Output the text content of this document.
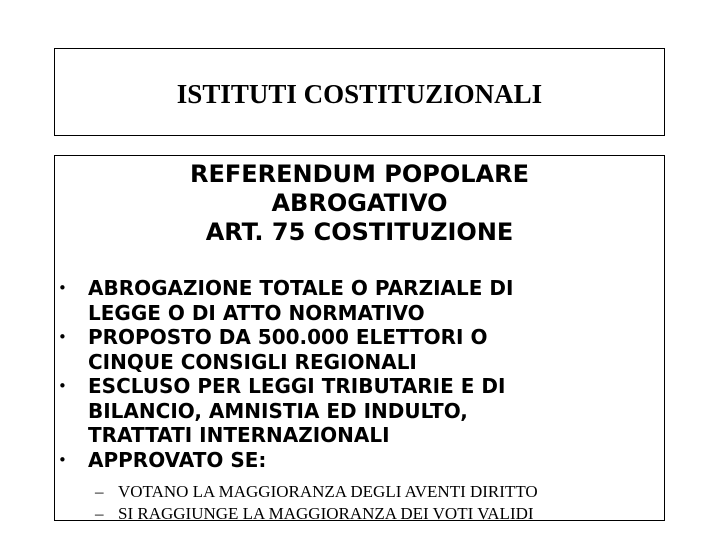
ISTITUTI COSTITUZIONALI
REFERENDUM POPOLARE
ABROGATIVO
ART. 75 COSTITUZIONE
• ABROGAZIONE TOTALE O PARZIALE DI
LEGGE O DI ATTO NORMATIVO
• PROPOSTO DA 500.000 ELETTORI O
CINQUE CONSIGLI REGIONALI
• ESCLUSO PER LEGGI TRIBUTARIE E DI
BILANCIO, AMNISTIA ED INDULTO,
TRATTATI INTERNAZIONALI
• APPROVATO SE:
– VOTANO LA MAGGIORANZA DEGLI AVENTI DIRITTO
– SI RAGGIUNGE LA MAGGIORANZA DEI VOTI VALIDI
